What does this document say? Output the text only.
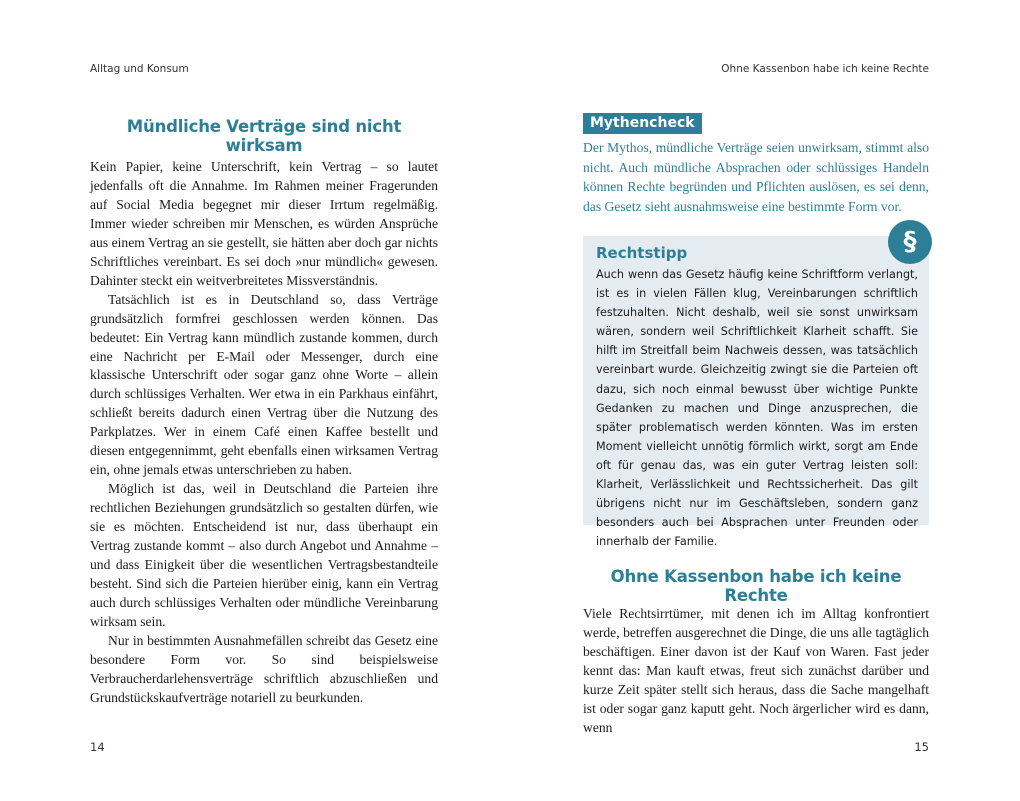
Alltag und Konsum
Mündliche Verträge sind nicht wirksam

Kein Papier, keine Unterschrift, kein Vertrag – so lautet jedenfalls oft die Annahme. Im Rahmen meiner Fragerunden auf Social Media begegnet mir dieser Irrtum regelmäßig. Immer wieder schreiben mir Menschen, es würden Ansprüche aus einem Vertrag an sie gestellt, sie hätten aber doch gar nichts Schriftliches vereinbart. Es sei doch »nur mündlich« gewesen. Dahinter steckt ein weitverbreitetes Missverständnis.

Tatsächlich ist es in Deutschland so, dass Verträge grundsätzlich formfrei geschlossen werden können. Das bedeutet: Ein Vertrag kann mündlich zustande kommen, durch eine Nachricht per E-Mail oder Messenger, durch eine klassische Unterschrift oder sogar ganz ohne Worte – allein durch schlüssiges Verhalten. Wer etwa in ein Parkhaus einfährt, schließt bereits dadurch einen Vertrag über die Nutzung des Parkplatzes. Wer in einem Café einen Kaffee bestellt und diesen entgegennimmt, geht ebenfalls einen wirksamen Vertrag ein, ohne jemals etwas unterschrieben zu haben.

Möglich ist das, weil in Deutschland die Parteien ihre rechtlichen Beziehungen grundsätzlich so gestalten dürfen, wie sie es möchten. Entscheidend ist nur, dass überhaupt ein Vertrag zustande kommt – also durch Angebot und Annahme – und dass Einigkeit über die wesentlichen Vertragsbestandteile besteht. Sind sich die Parteien hierüber einig, kann ein Vertrag auch durch schlüssiges Verhalten oder mündliche Vereinbarung wirksam sein.

Nur in bestimmten Ausnahmefällen schreibt das Gesetz eine besondere Form vor. So sind beispielsweise Verbraucherdarlehensverträge schriftlich abzuschließen und Grundstückskaufverträge notariell zu beurkunden.

14
Ohne Kassenbon habe ich keine Rechte
Mythencheck
Der Mythos, mündliche Verträge seien unwirksam, stimmt also nicht. Auch mündliche Absprachen oder schlüssiges Handeln können Rechte begründen und Pflichten auslösen, es sei denn, das Gesetz sieht ausnahmsweise eine bestimmte Form vor.
Rechtstipp
Auch wenn das Gesetz häufig keine Schriftform verlangt, ist es in vielen Fällen klug, Vereinbarungen schriftlich festzuhalten. Nicht deshalb, weil sie sonst unwirksam wären, sondern weil Schriftlichkeit Klarheit schafft. Sie hilft im Streitfall beim Nachweis dessen, was tatsächlich vereinbart wurde. Gleichzeitig zwingt sie die Parteien oft dazu, sich noch einmal bewusst über wichtige Punkte Gedanken zu machen und Dinge anzusprechen, die später problematisch werden könnten. Was im ersten Moment vielleicht unnötig förmlich wirkt, sorgt am Ende oft für genau das, was ein guter Vertrag leisten soll: Klarheit, Verlässlichkeit und Rechtssicherheit. Das gilt übrigens nicht nur im Geschäftsleben, sondern ganz besonders auch bei Absprachen unter Freunden oder innerhalb der Familie.
§
Ohne Kassenbon habe ich keine Rechte

Viele Rechtsirrtümer, mit denen ich im Alltag konfrontiert werde, betreffen ausgerechnet die Dinge, die uns alle tagtäglich beschäftigen. Einer davon ist der Kauf von Waren. Fast jeder kennt das: Man kauft etwas, freut sich zunächst darüber und kurze Zeit später stellt sich heraus, dass die Sache mangelhaft ist oder sogar ganz kaputt geht. Noch ärgerlicher wird es dann, wenn

15
